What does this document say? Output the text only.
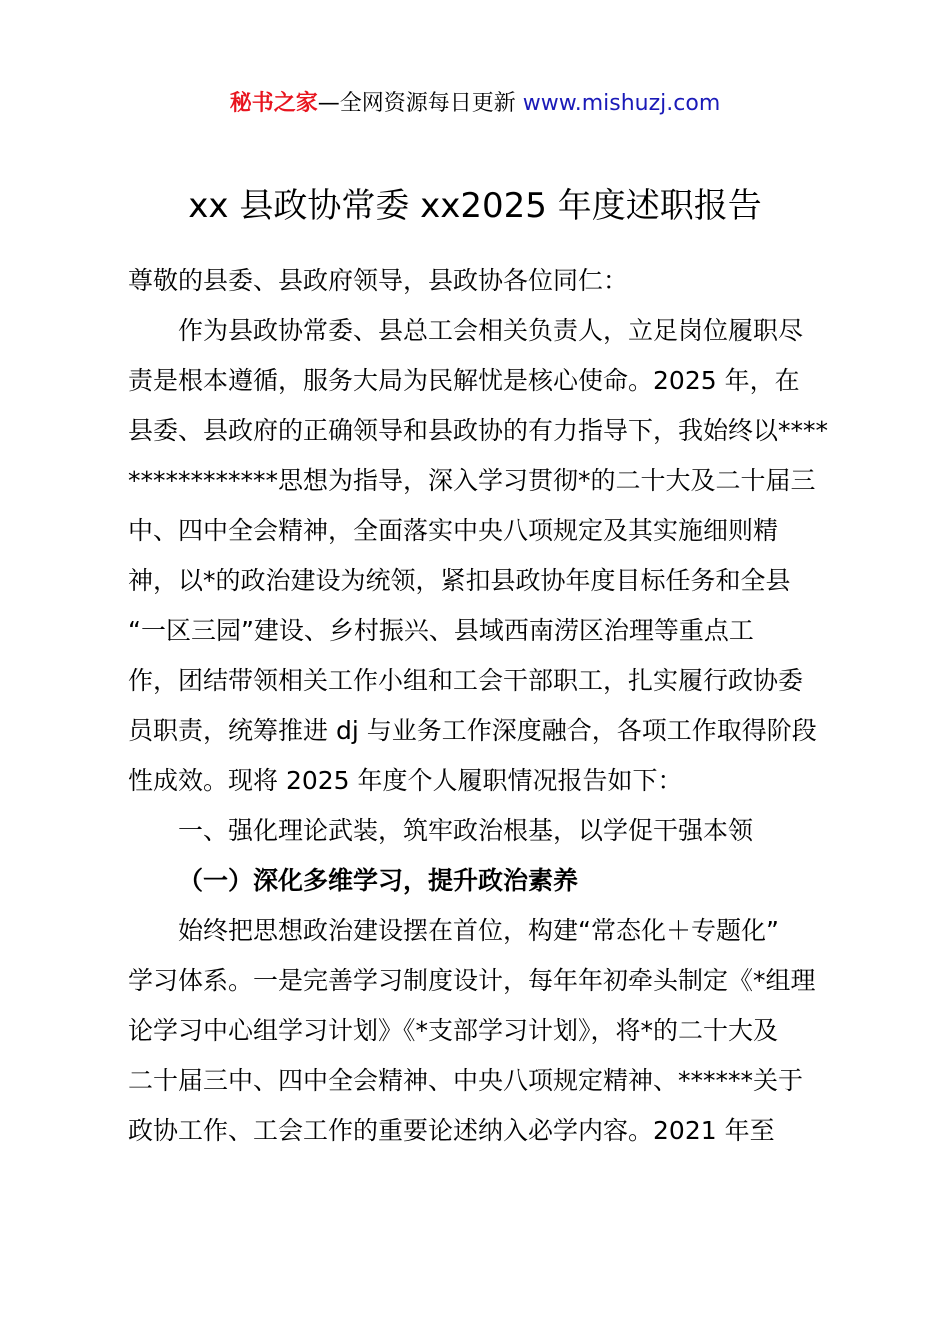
秘书之家—全网资源每日更新 www.mishuzj.com
xx 县政协常委 xx2025 年度述职报告
尊敬的县委、县政府领导，县政协各位同仁：
作为县政协常委、县总工会相关负责人，立足岗位履职尽
责是根本遵循，服务大局为民解忧是核心使命。2025 年，在
县委、县政府的正确领导和县政协的有力指导下，我始终以****
************思想为指导，深入学习贯彻*的二十大及二十届三
中、四中全会精神，全面落实中央八项规定及其实施细则精
神，以*的政治建设为统领，紧扣县政协年度目标任务和全县
“一区三园”建设、乡村振兴、县域西南涝区治理等重点工
作，团结带领相关工作小组和工会干部职工，扎实履行政协委
员职责，统筹推进 dj 与业务工作深度融合，各项工作取得阶段
性成效。现将 2025 年度个人履职情况报告如下：
一、强化理论武装，筑牢政治根基，以学促干强本领
（一）深化多维学习，提升政治素养
始终把思想政治建设摆在首位，构建“常态化＋专题化”
学习体系。一是完善学习制度设计，每年年初牵头制定《*组理
论学习中心组学习计划》《*支部学习计划》，将*的二十大及
二十届三中、四中全会精神、中央八项规定精神、******关于
政协工作、工会工作的重要论述纳入必学内容。2021 年至
